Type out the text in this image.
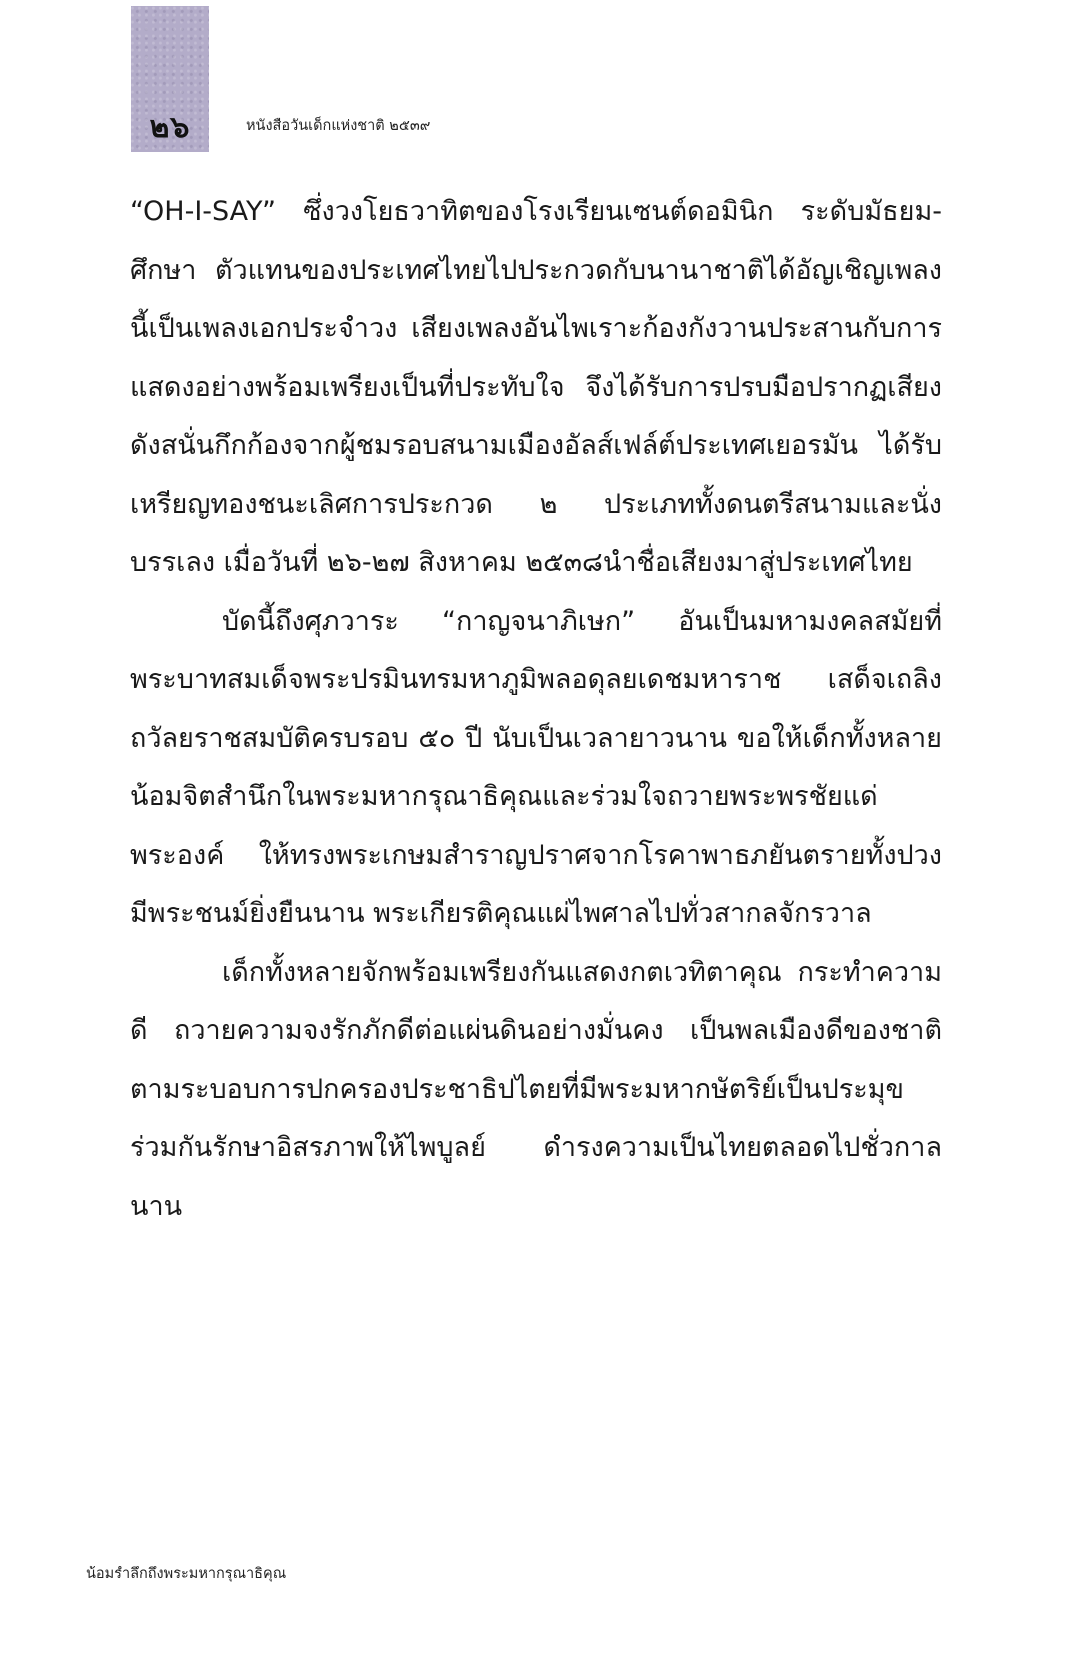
๒๖	หนังสือวันเด็กแห่งชาติ ๒๕๓๙

“OH-I-SAY” ซึ่งวงโยธวาทิตของโรงเรียนเซนต์ดอมินิก ระดับมัธยม-ศึกษา ตัวแทนของประเทศไทยไปประกวดกับนานาชาติได้อัญเชิญเพลงนี้เป็นเพลงเอกประจำวง เสียงเพลงอันไพเราะก้องกังวานประสานกับการแสดงอย่างพร้อมเพรียงเป็นที่ประทับใจ จึงได้รับการปรบมือปรากฏเสียงดังสนั่นกึกก้องจากผู้ชมรอบสนามเมืองอัลส์เฟล์ต์ประเทศเยอรมัน ได้รับเหรียญทองชนะเลิศการประกวด ๒ ประเภททั้งดนตรีสนามและนั่งบรรเลง เมื่อวันที่ ๒๖-๒๗ สิงหาคม ๒๕๓๘นำชื่อเสียงมาสู่ประเทศไทย

บัดนี้ถึงศุภวาระ “กาญจนาภิเษก” อันเป็นมหามงคลสมัยที่พระบาทสมเด็จพระปรมินทรมหาภูมิพลอดุลยเดชมหาราช เสด็จเถลิงถวัลยราชสมบัติครบรอบ ๕๐ ปี นับเป็นเวลายาวนาน ขอให้เด็กทั้งหลายน้อมจิตสำนึกในพระมหากรุณาธิคุณและร่วมใจถวายพระพรชัยแด่พระองค์ ให้ทรงพระเกษมสำราญปราศจากโรคาพาธภยันตรายทั้งปวง มีพระชนม์ยิ่งยืนนาน พระเกียรติคุณแผ่ไพศาลไปทั่วสากลจักรวาล

เด็กทั้งหลายจักพร้อมเพรียงกันแสดงกตเวทิตาคุณ กระทำความดี ถวายความจงรักภักดีต่อแผ่นดินอย่างมั่นคง เป็นพลเมืองดีของชาติตามระบอบการปกครองประชาธิปไตยที่มีพระมหากษัตริย์เป็นประมุข ร่วมกันรักษาอิสรภาพให้ไพบูลย์ ดำรงความเป็นไทยตลอดไปชั่วกาลนาน

น้อมรำลึกถึงพระมหากรุณาธิคุณ
